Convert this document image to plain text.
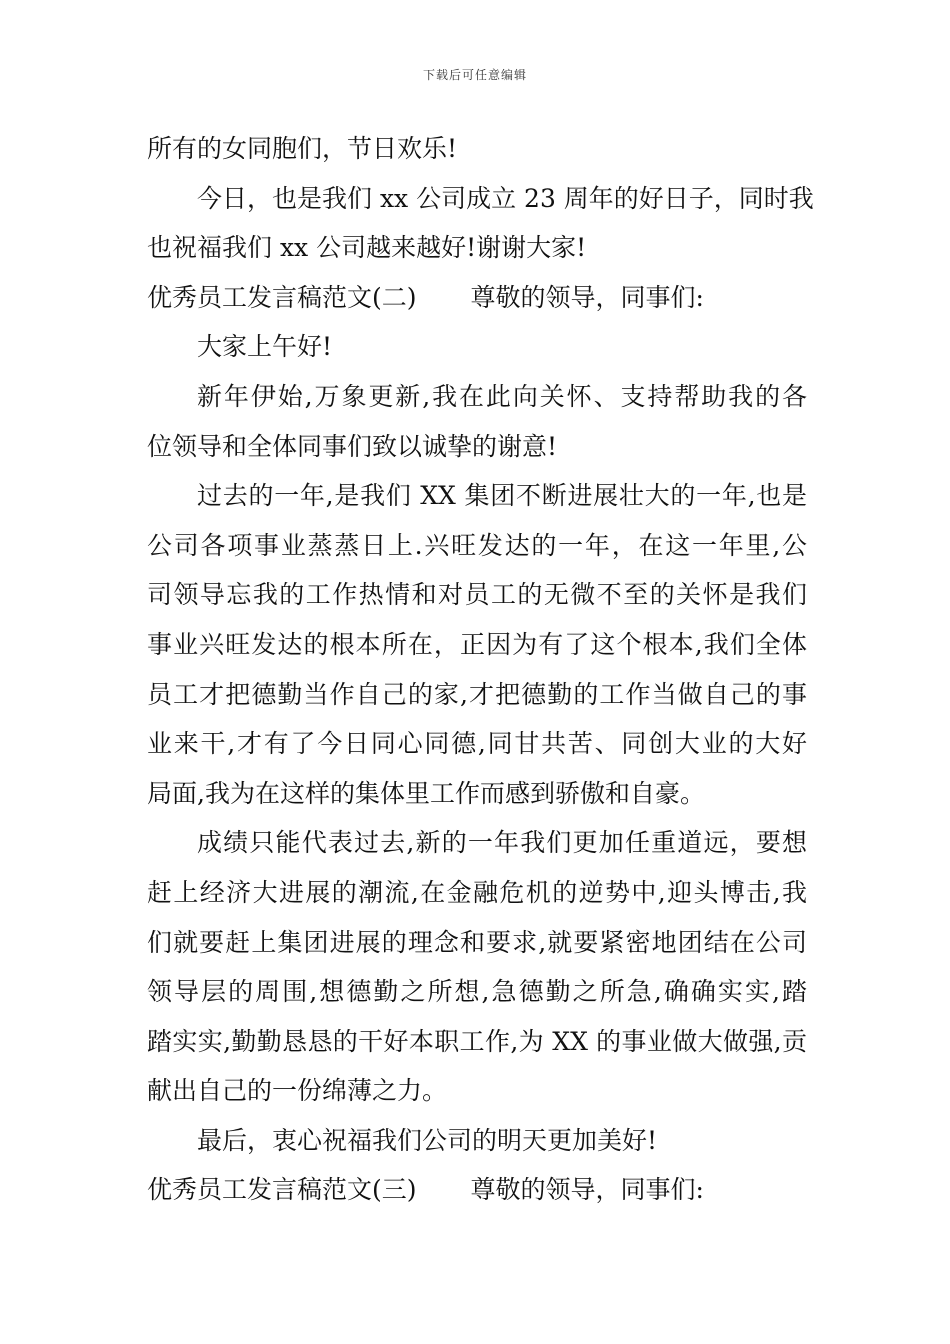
下载后可任意编辑
所有的女同胞们，节日欢乐!
今日，也是我们 xx 公司成立 23 周年的好日子，同时我
也祝福我们 xx 公司越来越好!谢谢大家!
优秀员工发言稿范文(二) 尊敬的领导，同事们:
大家上午好!
新年伊始,万象更新,我在此向关怀、支持帮助我的各
位领导和全体同事们致以诚挚的谢意!
过去的一年,是我们 XX 集团不断进展壮大的一年,也是
公司各项事业蒸蒸日上.兴旺发达的一年，在这一年里,公
司领导忘我的工作热情和对员工的无微不至的关怀是我们
事业兴旺发达的根本所在，正因为有了这个根本,我们全体
员工才把德勤当作自己的家,才把德勤的工作当做自己的事
业来干,才有了今日同心同德,同甘共苦、同创大业的大好
局面,我为在这样的集体里工作而感到骄傲和自豪。
成绩只能代表过去,新的一年我们更加任重道远，要想
赶上经济大进展的潮流,在金融危机的逆势中,迎头博击,我
们就要赶上集团进展的理念和要求,就要紧密地团结在公司
领导层的周围,想德勤之所想,急德勤之所急,确确实实,踏
踏实实,勤勤恳恳的干好本职工作,为 XX 的事业做大做强,贡
献出自己的一份绵薄之力。
最后，衷心祝福我们公司的明天更加美好!
优秀员工发言稿范文(三) 尊敬的领导，同事们:
